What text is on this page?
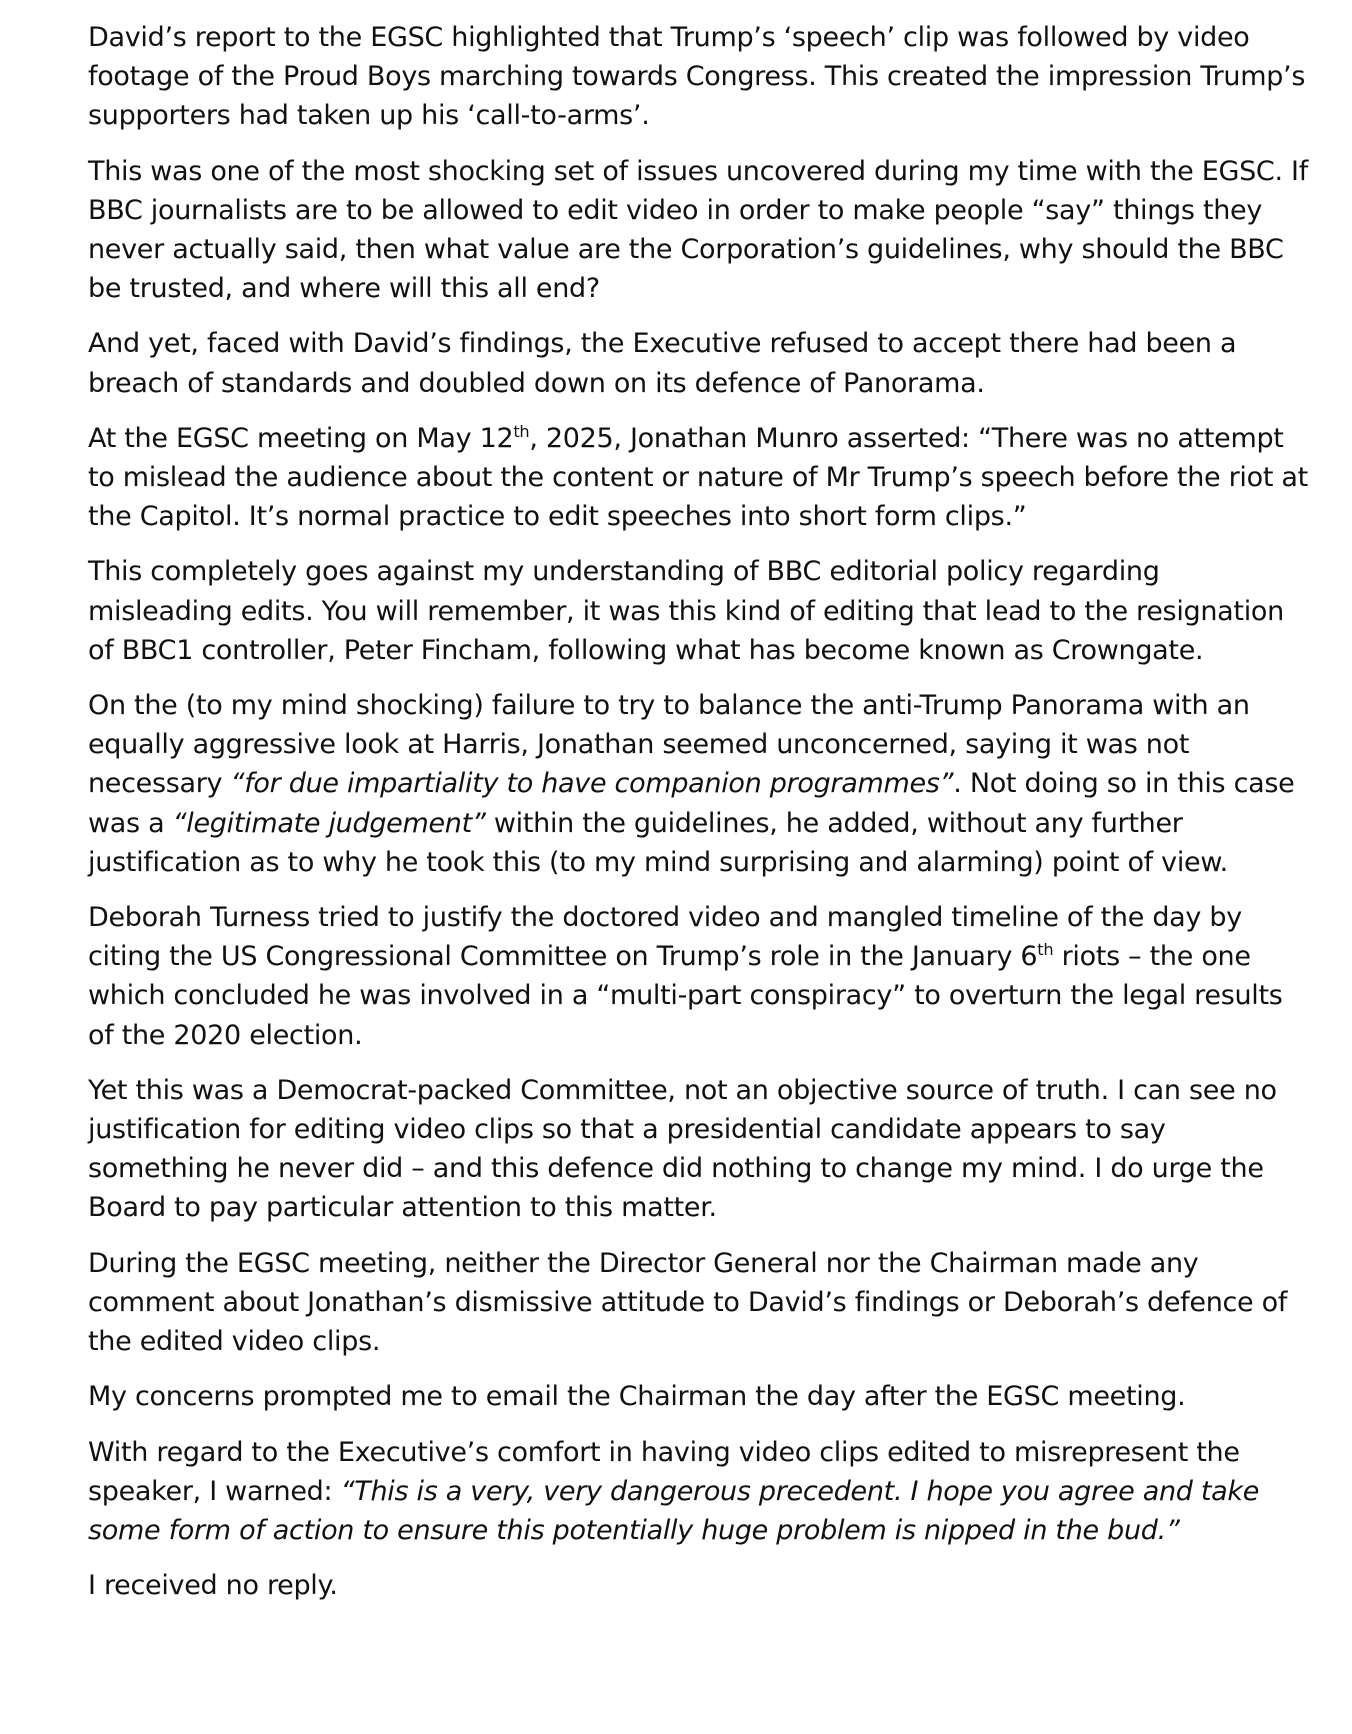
David’s report to the EGSC highlighted that Trump’s ‘speech’ clip was followed by video footage of the Proud Boys marching towards Congress. This created the impression Trump’s supporters had taken up his ‘call-to-arms’.

This was one of the most shocking set of issues uncovered during my time with the EGSC. If BBC journalists are to be allowed to edit video in order to make people “say” things they never actually said, then what value are the Corporation’s guidelines, why should the BBC be trusted, and where will this all end?

And yet, faced with David’s findings, the Executive refused to accept there had been a breach of standards and doubled down on its defence of Panorama.

At the EGSC meeting on May 12th, 2025, Jonathan Munro asserted: “There was no attempt to mislead the audience about the content or nature of Mr Trump’s speech before the riot at the Capitol. It’s normal practice to edit speeches into short form clips.”

This completely goes against my understanding of BBC editorial policy regarding misleading edits. You will remember, it was this kind of editing that lead to the resignation of BBC1 controller, Peter Fincham, following what has become known as Crowngate.

On the (to my mind shocking) failure to try to balance the anti-Trump Panorama with an equally aggressive look at Harris, Jonathan seemed unconcerned, saying it was not necessary “for due impartiality to have companion programmes”. Not doing so in this case was a “legitimate judgement” within the guidelines, he added, without any further justification as to why he took this (to my mind surprising and alarming) point of view.

Deborah Turness tried to justify the doctored video and mangled timeline of the day by citing the US Congressional Committee on Trump’s role in the January 6th riots – the one which concluded he was involved in a “multi-part conspiracy” to overturn the legal results of the 2020 election.

Yet this was a Democrat-packed Committee, not an objective source of truth. I can see no justification for editing video clips so that a presidential candidate appears to say something he never did – and this defence did nothing to change my mind. I do urge the Board to pay particular attention to this matter.

During the EGSC meeting, neither the Director General nor the Chairman made any comment about Jonathan’s dismissive attitude to David’s findings or Deborah’s defence of the edited video clips.

My concerns prompted me to email the Chairman the day after the EGSC meeting.

With regard to the Executive’s comfort in having video clips edited to misrepresent the speaker, I warned: “This is a very, very dangerous precedent. I hope you agree and take some form of action to ensure this potentially huge problem is nipped in the bud.”

I received no reply.
